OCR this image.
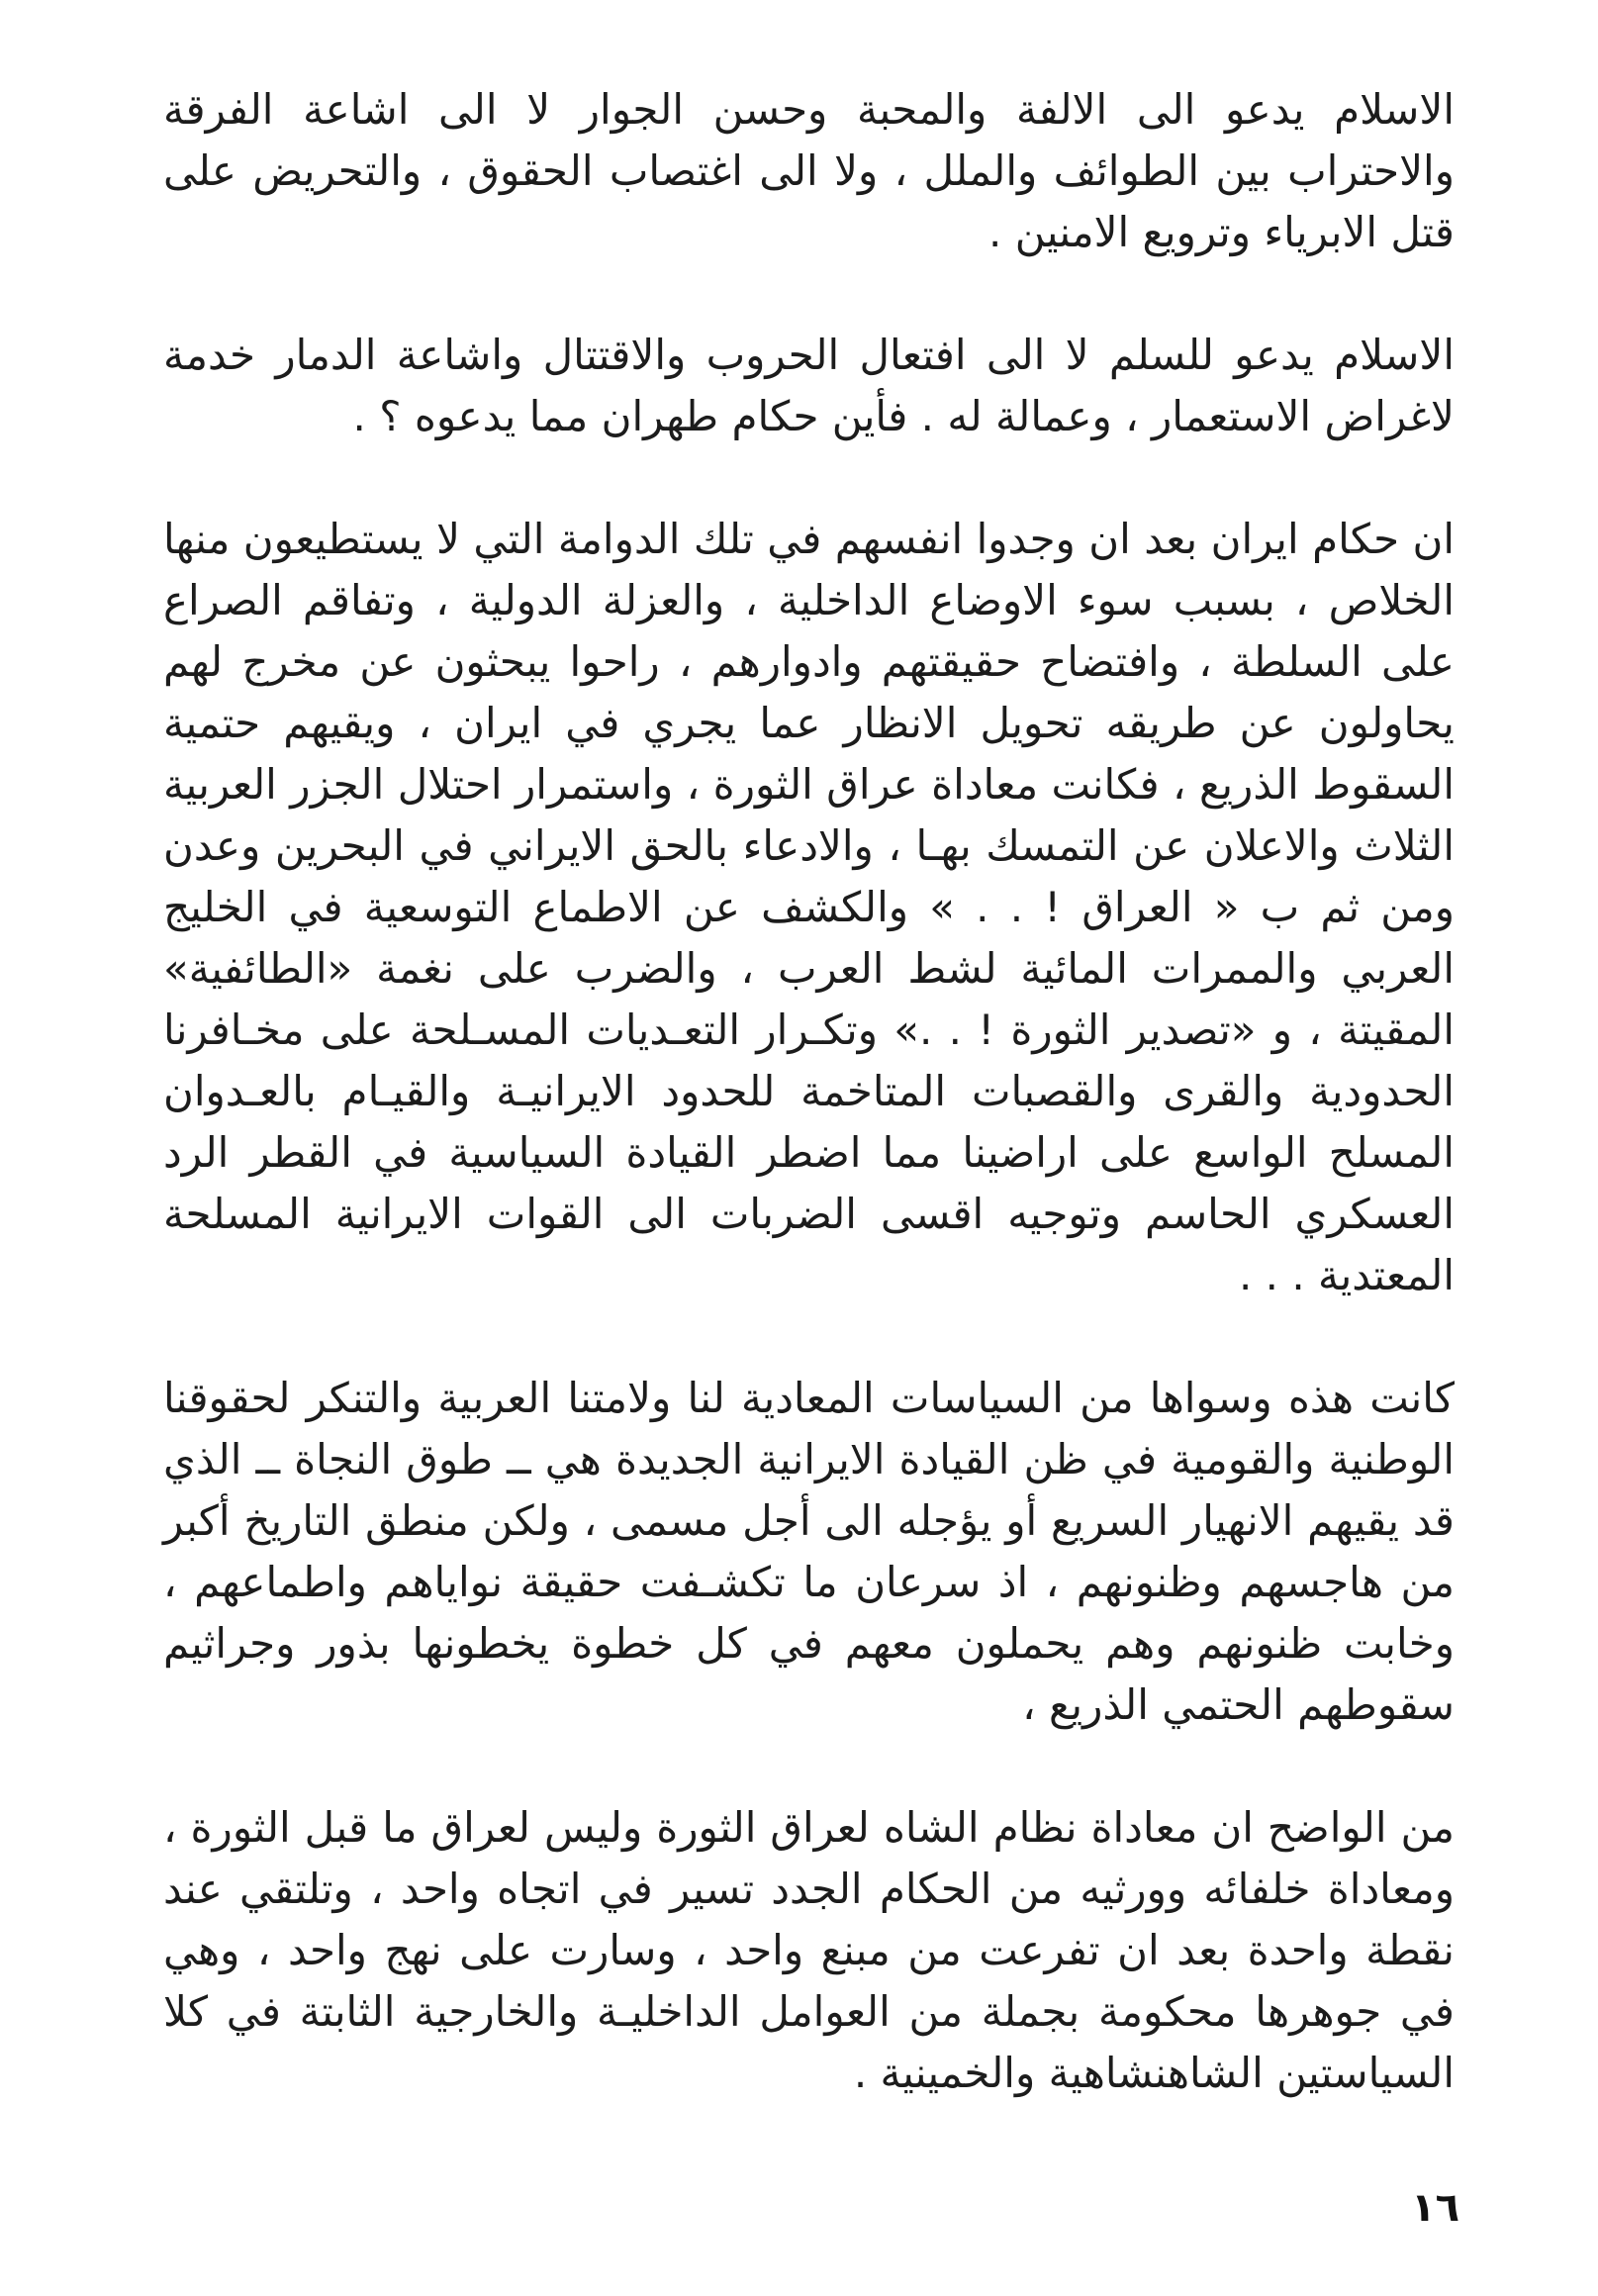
الاسلام يدعو الى الالفة والمحبة وحسن الجوار لا الى اشاعة الفرقة والاحتراب بين الطوائف والملل ، ولا الى اغتصاب الحقوق ، والتحريض على قتل الابرياء وترويع الامنين .

الاسلام يدعو للسلم لا الى افتعال الحروب والاقتتال واشاعة الدمار خدمة لاغراض الاستعمار ، وعمالة له . فأين حكام طهران مما يدعوه ؟ .

ان حكام ايران بعد ان وجدوا انفسهم في تلك الدوامة التي لا يستطيعون منها الخلاص ، بسبب سوء الاوضاع الداخلية ، والعزلة الدولية ، وتفاقم الصراع على السلطة ، وافتضاح حقيقتهم وادوارهم ، راحوا يبحثون عن مخرج لهم يحاولون عن طريقه تحويل الانظار عما يجري في ايران ، ويقيهم حتمية السقوط الذريع ، فكانت معاداة عراق الثورة ، واستمرار احتلال الجزر العربية الثلاث والاعلان عن التمسك بهـا ، والادعاء بالحق الايراني في البحرين وعدن ومن ثم ب « العراق ! . . » والكشف عن الاطماع التوسعية في الخليج العربي والممرات المائية لشط العرب ، والضرب على نغمة «الطائفية» المقيتة ، و «تصدير الثورة ! . .» وتكـرار التعـديات المسـلحة على مخـافرنا الحدودية والقرى والقصبات المتاخمة للحدود الايرانيـة والقيـام بالعـدوان المسلح الواسع على اراضينا مما اضطر القيادة السياسية في القطر الرد العسكري الحاسم وتوجيه اقسى الضربات الى القوات الايرانية المسلحة المعتدية . . .

كانت هذه وسواها من السياسات المعادية لنا ولامتنا العربية والتنكر لحقوقنا الوطنية والقومية في ظن القيادة الايرانية الجديدة هي ــ طوق النجاة ــ الذي قد يقيهم الانهيار السريع أو يؤجله الى أجل مسمى ، ولكن منطق التاريخ أكبر من هاجسهم وظنونهم ، اذ سرعان ما تكشـفت حقيقة نواياهم واطماعهم ، وخابت ظنونهم وهم يحملون معهم في كل خطوة يخطونها بذور وجراثيم سقوطهم الحتمي الذريع ،

من الواضح ان معاداة نظام الشاه لعراق الثورة وليس لعراق ما قبل الثورة ، ومعاداة خلفائه وورثيه من الحكام الجدد تسير في اتجاه واحد ، وتلتقي عند نقطة واحدة بعد ان تفرعت من مبنع واحد ، وسارت على نهج واحد ، وهي في جوهرها محكومة بجملة من العوامل الداخليـة والخارجية الثابتة في كلا السياستين الشاهنشاهية والخمينية .

١٦
